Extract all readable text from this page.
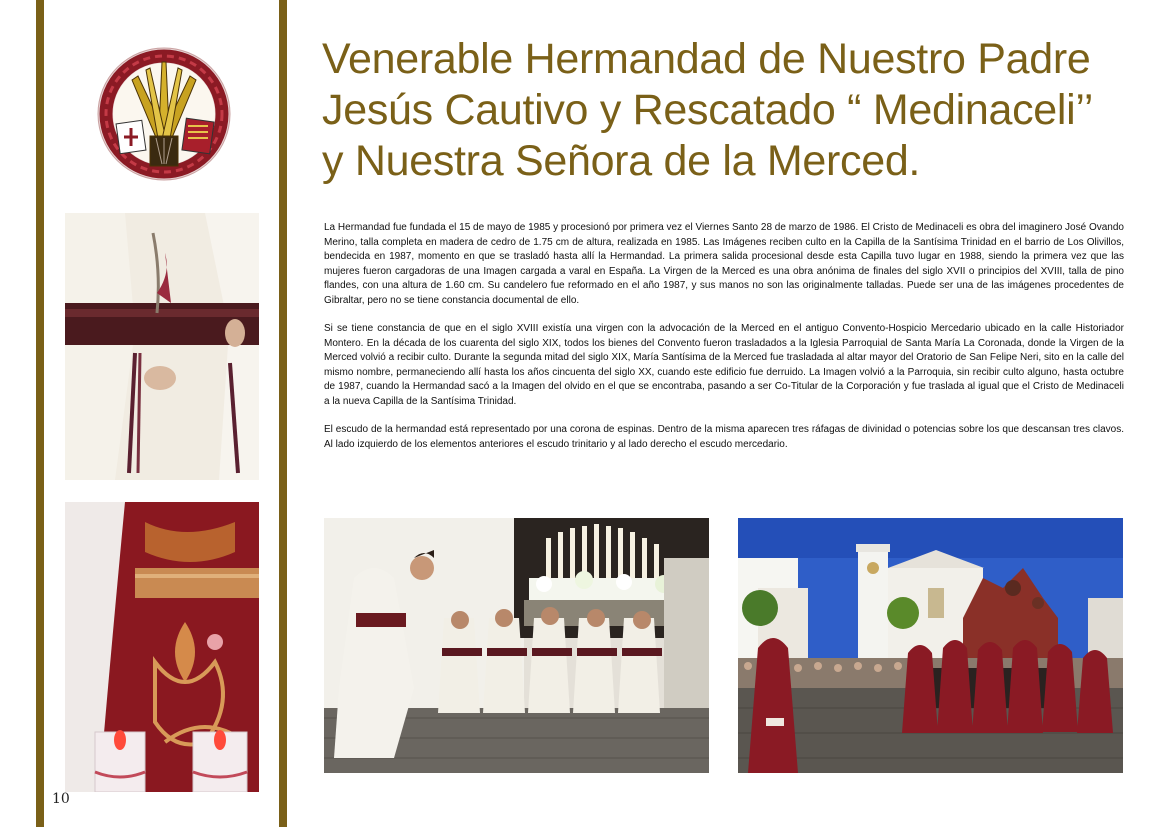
Venerable Hermandad de Nuestro Padre
Jesús Cautivo y Rescatado “ Medinaceli’’
y Nuestra Señora de la Merced.

La Hermandad fue fundada el 15 de mayo de 1985 y procesionó por primera vez el Viernes Santo 28 de marzo de 1986. El Cristo de Medinaceli es obra del imaginero José Ovando Merino, talla completa en madera de cedro de 1.75 cm de altura, realizada en 1985. Las Imágenes reciben culto en la Capilla de la Santísima Trinidad en el barrio de Los Olivillos, bendecida en 1987, momento en que se trasladó hasta allí la Hermandad. La primera salida procesional desde esta Capilla tuvo lugar en 1988, siendo la primera vez que las mujeres fueron cargadoras de una Imagen cargada a varal en España. La Virgen de la Merced es una obra anónima de finales del siglo XVII o principios del XVIII, talla de pino flandes, con una altura de 1.60 cm. Su candelero fue reformado en el año 1987, y sus manos no son las originalmente talladas. Puede ser una de las imágenes procedentes de Gibraltar, pero no se tiene constancia documental de ello.

Si se tiene constancia de que en el siglo XVIII existía una virgen con la advocación de la Merced en el antiguo Convento-Hospicio Mercedario ubicado en la calle Historiador Montero. En la década de los cuarenta del siglo XIX, todos los bienes del Convento fueron trasladados a la Iglesia Parroquial de Santa María La Coronada, donde la Virgen de la Merced volvió a recibir culto. Durante la segunda mitad del siglo XIX, María Santísima de la Merced fue trasladada al altar mayor del Oratorio de San Felipe Neri, sito en la calle del mismo nombre, permaneciendo allí hasta los años cincuenta del siglo XX, cuando este edificio fue derruido. La Imagen volvió a la Parroquia, sin recibir culto alguno, hasta octubre de 1987, cuando la Hermandad sacó a la Imagen del olvido en el que se encontraba, pasando a ser Co-Titular de la Corporación y fue traslada al igual que el Cristo de Medinaceli a la nueva Capilla de la Santísima Trinidad.

El escudo de la hermandad está representado por una corona de espinas. Dentro de la misma aparecen tres ráfagas de divinidad o potencias sobre los que descansan tres clavos. Al lado izquierdo de los elementos anteriores el escudo trinitario y al lado derecho el escudo mercedario.

10
